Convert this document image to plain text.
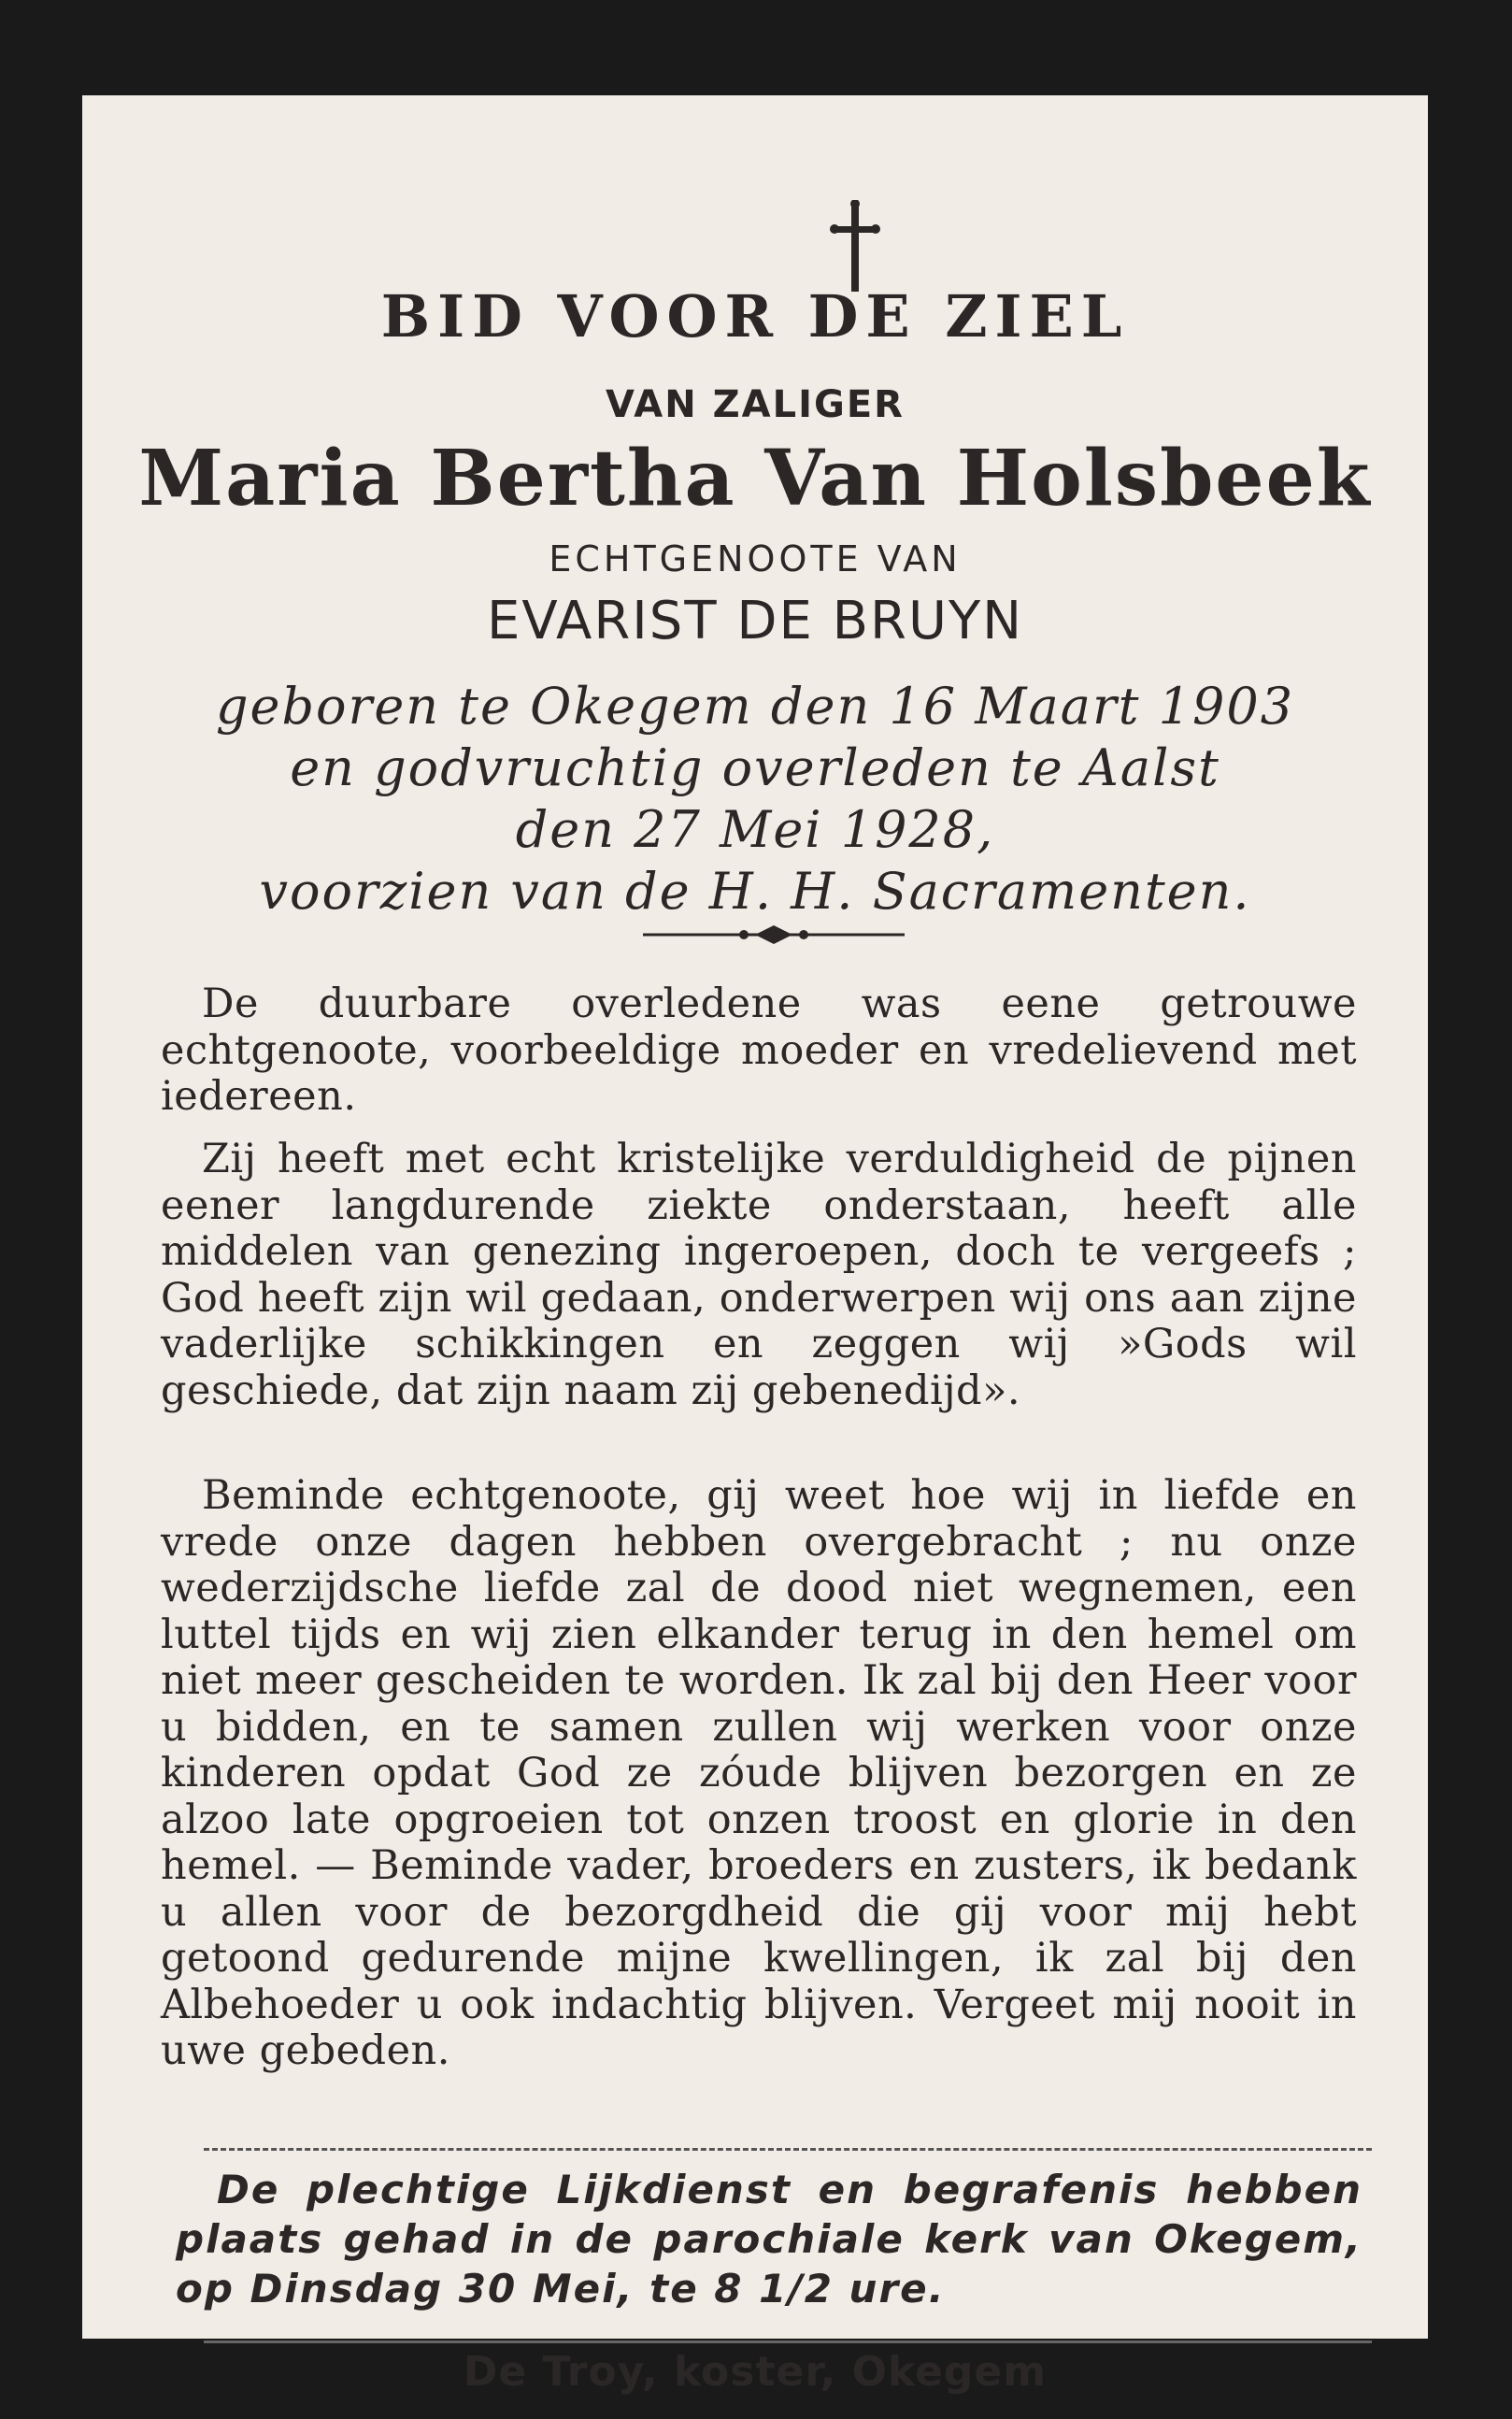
BID VOOR DE ZIEL
VAN ZALIGER
Maria Bertha Van Holsbeek
ECHTGENOOTE VAN
EVARIST DE BRUYN
geboren te Okegem den 16 Maart 1903
en godvruchtig overleden te Aalst
den 27 Mei 1928,
voorzien van de H. H. Sacramenten.
De duurbare overledene was eene getrouwe echtgenoote, voorbeeldige moeder en vredelievend met iedereen.
Zij heeft met echt kristelijke verduldigheid de pijnen eener langdurende ziekte onderstaan, heeft alle middelen van genezing ingeroepen, doch te vergeefs ; God heeft zijn wil gedaan, onderwerpen wij ons aan zijne vaderlijke schikkingen en zeggen wij »Gods wil geschiede, dat zijn naam zij gebenedijd».
Beminde echtgenoote, gij weet hoe wij in liefde en vrede onze dagen hebben overgebracht ; nu onze wederzijdsche liefde zal de dood niet wegnemen, een luttel tijds en wij zien elkander terug in den hemel om niet meer gescheiden te worden. Ik zal bij den Heer voor u bidden, en te samen zullen wij werken voor onze kinderen opdat God ze zóude blijven bezorgen en ze alzoo late opgroeien tot onzen troost en glorie in den hemel. — Beminde vader, broeders en zusters, ik bedank u allen voor de bezorgdheid die gij voor mij hebt getoond gedurende mijne kwellingen, ik zal bij den Albehoeder u ook indachtig blijven. Vergeet mij nooit in uwe gebeden.
De plechtige Lijkdienst en begrafenis hebben plaats gehad in de parochiale kerk van Okegem, op Dinsdag 30 Mei, te 8 1/2 ure.
De Troy, koster, Okegem
